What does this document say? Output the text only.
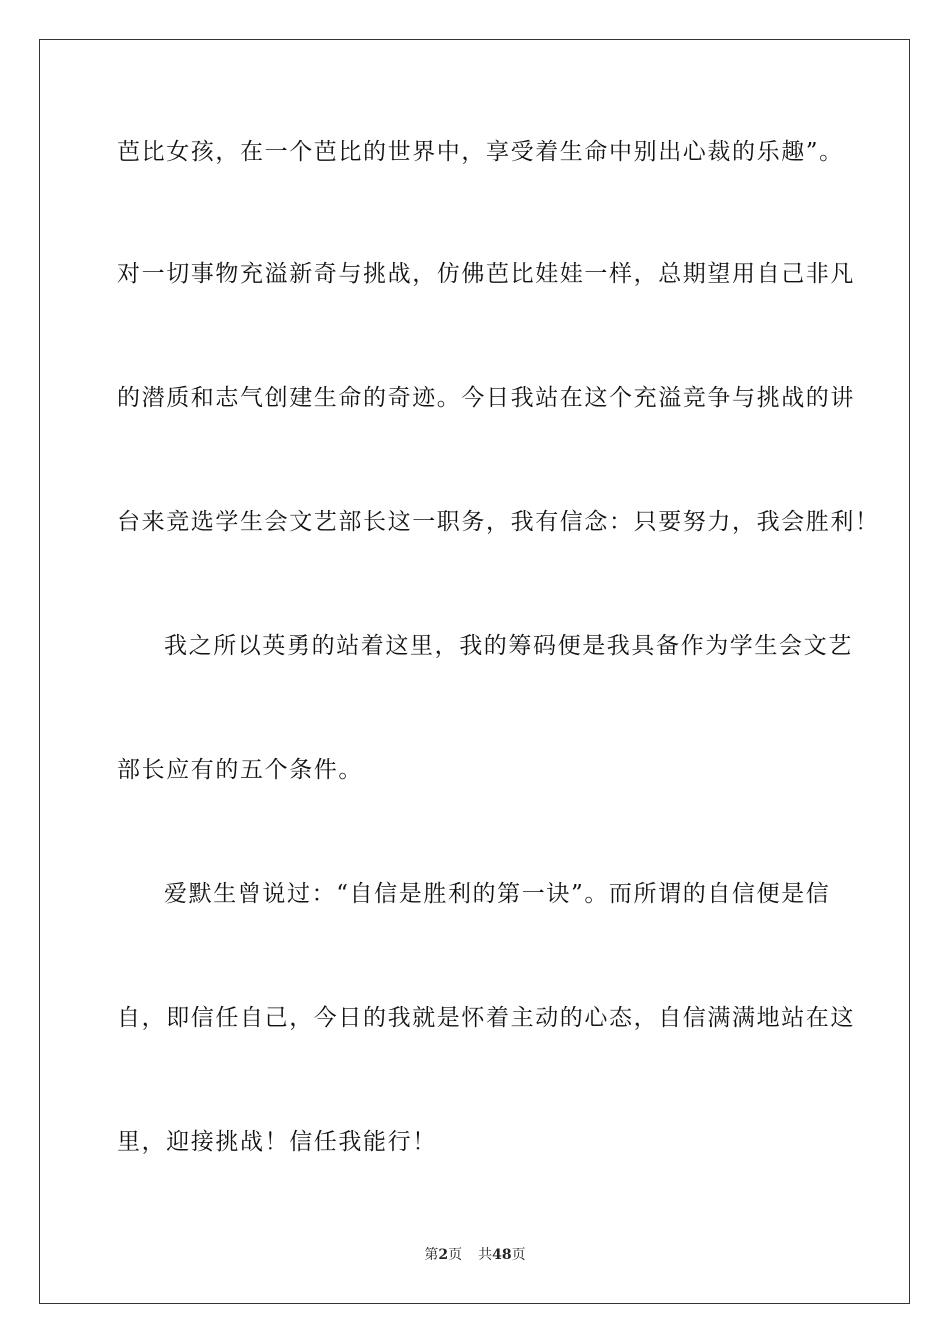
芭比女孩，在一个芭比的世界中，享受着生命中别出心裁的乐趣”。
对一切事物充溢新奇与挑战，仿佛芭比娃娃一样，总期望用自己非凡
的潜质和志气创建生命的奇迹。今日我站在这个充溢竞争与挑战的讲
台来竞选学生会文艺部长这一职务，我有信念：只要努力，我会胜利！
我之所以英勇的站着这里，我的筹码便是我具备作为学生会文艺
部长应有的五个条件。
爱默生曾说过：“自信是胜利的第一诀”。而所谓的自信便是信
自，即信任自己，今日的我就是怀着主动的心态，自信满满地站在这
里，迎接挑战！信任我能行！
第2页 共48页
